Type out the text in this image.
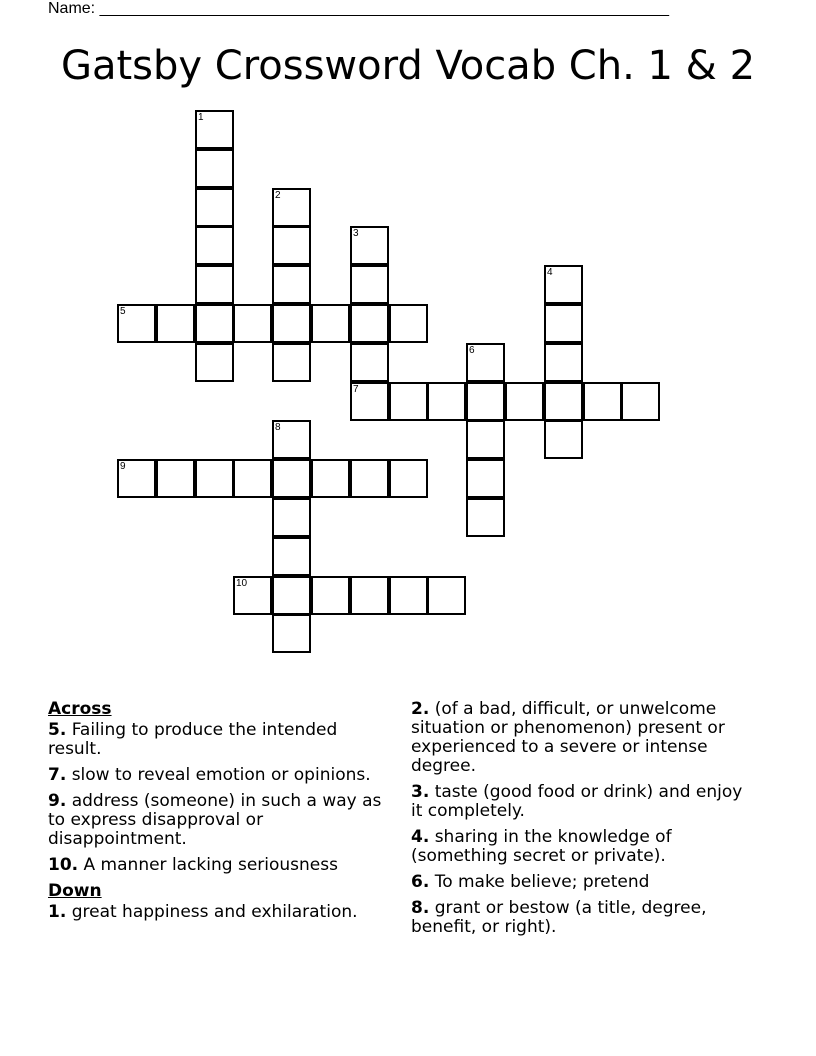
Name: ________________________________________________________________
Gatsby Crossword Vocab Ch. 1 & 2
1
2
3
7
4
5
6
8
9
10
Across
5. Failing to produce the intended result.
7. slow to reveal emotion or opinions.
9. address (someone) in such a way as to express disapproval or disappointment.
10. A manner lacking seriousness
Down
1. great happiness and exhilaration.
2. (of a bad, difficult, or unwelcome situation or phenomenon) present or experienced to a severe or intense degree.
3. taste (good food or drink) and enjoy it completely.
4. sharing in the knowledge of (something secret or private).
6. To make believe; pretend
8. grant or bestow (a title, degree, benefit, or right).
